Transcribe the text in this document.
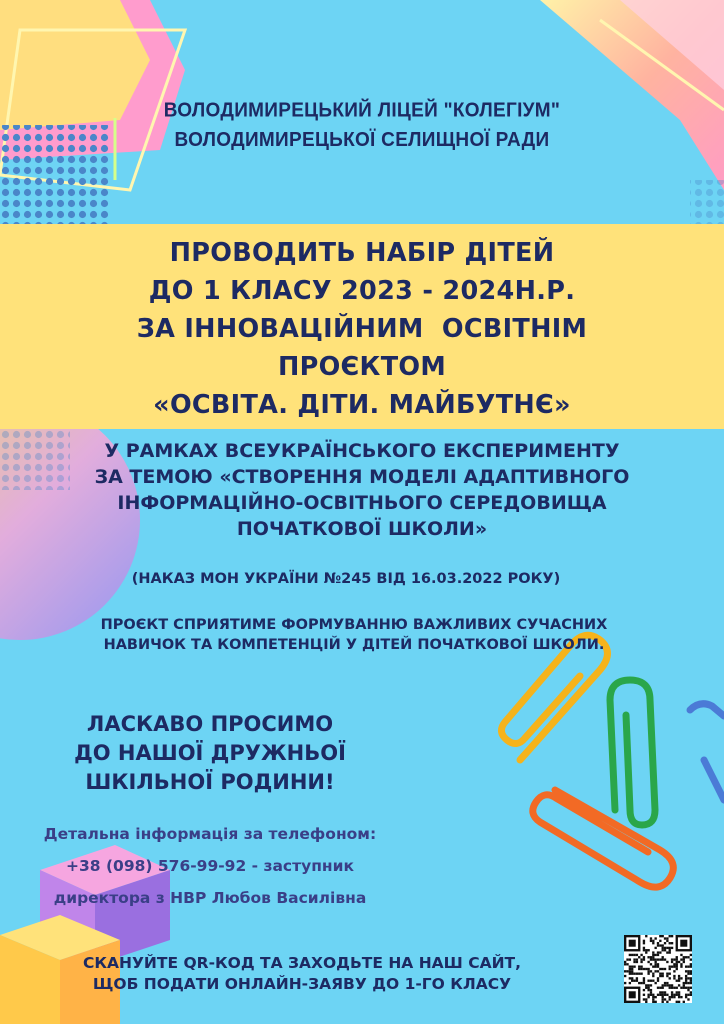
ВОЛОДИМИРЕЦЬКИЙ ЛІЦЕЙ "КОЛЕГІУМ"
ВОЛОДИМИРЕЦЬКОЇ СЕЛИЩНОЇ РАДИ
ПРОВОДИТЬ НАБІР ДІТЕЙ
ДО 1 КЛАСУ 2023 - 2024Н.Р.
ЗА ІННОВАЦІЙНИМ  ОСВІТНІМ
ПРОЄКТОМ
«ОСВІТА. ДІТИ. МАЙБУТНЄ»
У РАМКАХ ВСЕУКРАЇНСЬКОГО ЕКСПЕРИМЕНТУ
ЗА ТЕМОЮ «СТВОРЕННЯ МОДЕЛІ АДАПТИВНОГО
ІНФОРМАЦІЙНО-ОСВІТНЬОГО СЕРЕДОВИЩА
ПОЧАТКОВОЇ ШКОЛИ»
(НАКАЗ МОН УКРАЇНИ №245 ВІД 16.03.2022 РОКУ)
ПРОЄКТ СПРИЯТИМЕ ФОРМУВАННЮ ВАЖЛИВИХ СУЧАСНИХ
НАВИЧОК ТА КОМПЕТЕНЦІЙ У ДІТЕЙ ПОЧАТКОВОЇ ШКОЛИ.
ЛАСКАВО ПРОСИМО
ДО НАШОЇ ДРУЖНЬОЇ
ШКІЛЬНОЇ РОДИНИ!
Детальна інформація за телефоном:
+38 (098) 576-99-92 - заступник
директора з НВР Любов Василівна
СКАНУЙТЕ QR-КОД ТА ЗАХОДЬТЕ НА НАШ САЙТ,
ЩОБ ПОДАТИ ОНЛАЙН-ЗАЯВУ ДО 1-ГО КЛАСУ
